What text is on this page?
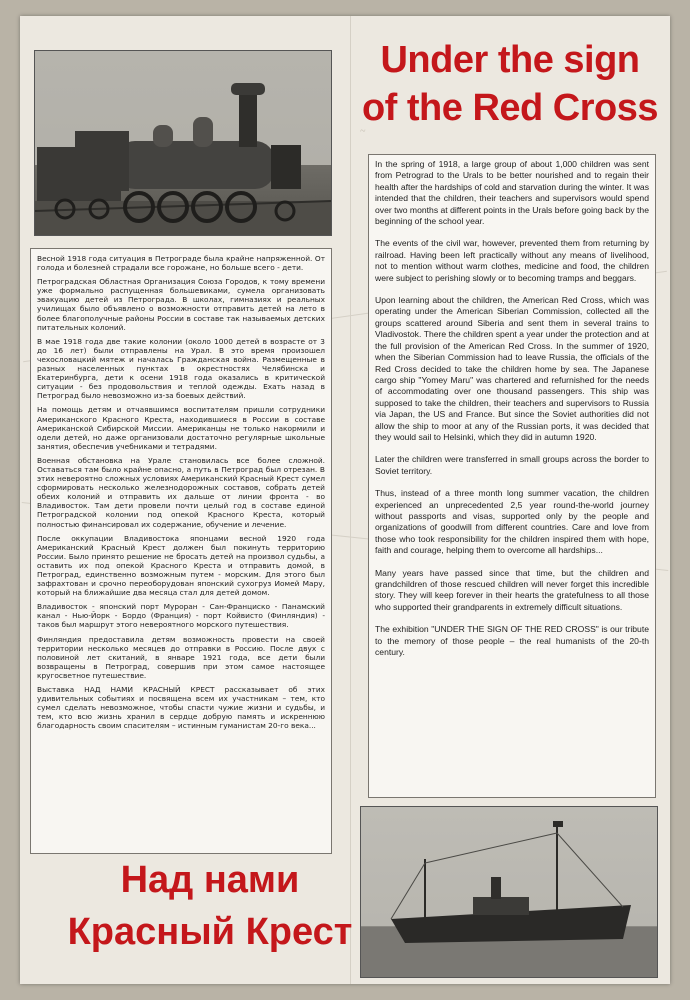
~
Under the sign
of the Red Cross

Весной 1918 года ситуация в Петрограде была крайне напряженной. От голода и болезней страдали все горожане, но больше всего - дети.

Петроградская Областная Организация Союза Городов, к тому времени уже формально распущенная большевиками, сумела организовать эвакуацию детей из Петрограда. В школах, гимназиях и реальных училищах было объявлено о возможности отправить детей на лето в более благополучные районы России в составе так называемых детских питательных колоний.

В мае 1918 года две такие колонии (около 1000 детей в возрасте от 3 до 16 лет) были отправлены на Урал. В это время произошел чехословацкий мятеж и началась Гражданская война. Размещенные в разных населенных пунктах в окрестностях Челябинска и Екатеринбурга, дети к осени 1918 года оказались в критической ситуации - без продовольствия и теплой одежды. Ехать назад в Петроград было невозможно из-за боевых действий.

На помощь детям и отчаявшимся воспитателям пришли сотрудники Американского Красного Креста, находившиеся в России в составе Американской Сибирской Миссии. Американцы не только накормили и одели детей, но даже организовали достаточно регулярные школьные занятия, обеспечив учебниками и тетрадями.

Военная обстановка на Урале становилась все более сложной. Оставаться там было крайне опасно, а путь в Петроград был отрезан. В этих невероятно сложных условиях Американский Красный Крест сумел сформировать несколько железнодорожных составов, собрать детей обеих колоний и отправить их дальше от линии фронта - во Владивосток. Там дети провели почти целый год в составе единой Петроградской колонии под опекой Красного Креста, который полностью финансировал их содержание, обучение и лечение.

После оккупации Владивостока японцами весной 1920 года Американский Красный Крест должен был покинуть территорию России. Было принято решение не бросать детей на произвол судьбы, а оставить их под опекой Красного Креста и отправить домой, в Петроград, единственно возможным путем - морским. Для этого был зафрахтован и срочно переоборудован японский сухогруз Иомей Мару, который на ближайшие два месяца стал для детей домом.

Владивосток - японский порт Муроран - Сан-Франциско - Панамский канал - Нью-Йорк - Бордо (Франция) - порт Койвисто (Финляндия) - таков был маршрут этого невероятного морского путешествия.

Финляндия предоставила детям возможность провести на своей территории несколько месяцев до отправки в Россию. После двух с половиной лет скитаний, в январе 1921 года, все дети были возвращены в Петроград, совершив при этом самое настоящее кругосветное путешествие.

Выставка НАД НАМИ КРАСНЫЙ КРЕСТ рассказывает об этих удивительных событиях и посвящена всем их участникам – тем, кто сумел сделать невозможное, чтобы спасти чужие жизни и судьбы, и тем, кто всю жизнь хранил в сердце добрую память и искреннюю благодарность своим спасителям – истинным гуманистам 20-го века...

In the spring of 1918, a large group of about 1,000 children was sent from Petrograd to the Urals to be better nourished and to regain their health after the hardships of cold and starvation during the winter. It was intended that the children, their teachers and supervisors would spend over two months at different points in the Urals before going back by the beginning of the school year.

The events of the civil war, however, prevented them from returning by railroad. Having been left practically without any means of livelihood, not to mention without warm clothes, medicine and food, the children were subject to perishing slowly or to becoming tramps and beggars.

Upon learning about the children, the American Red Cross, which was operating under the American Siberian Commission, collected all the groups scattered around Siberia and sent them in several trains to Vladivostok. There the children spent a year under the protection and at the full provision of the American Red Cross. In the summer of 1920, when the Siberian Commission had to leave Russia, the officials of the Red Cross decided to take the children home by sea. The Japanese cargo ship "Yomey Maru" was chartered and refurnished for the needs of accommodating over one thousand passengers. This ship was supposed to take the children, their teachers and supervisors to Russia via Japan, the US and France. But since the Soviet authorities did not allow the ship to moor at any of the Russian ports, it was decided that they would sail to Helsinki, which they did in autumn 1920.

Later the children were transferred in small groups across the border to Soviet territory.

Thus, instead of a three month long summer vacation, the children experienced an unprecedented 2,5 year round-the-world journey without passports and visas, supported only by the people and organizations of goodwill from different countries. Care and love from those who took responsibility for the children inspired them with hope, faith and courage, helping them to overcome all hardships...

Many years have passed since that time, but the children and grandchildren of those rescued children will never forget this incredible story. They will keep forever in their hearts the gratefulness to all those who supported their grandparents in extremely difficult situations.

The exhibition "UNDER THE SIGN OF THE RED CROSS" is our tribute to the memory of those people – the real humanists of the 20-th century.

Над нами
Красный Крест
